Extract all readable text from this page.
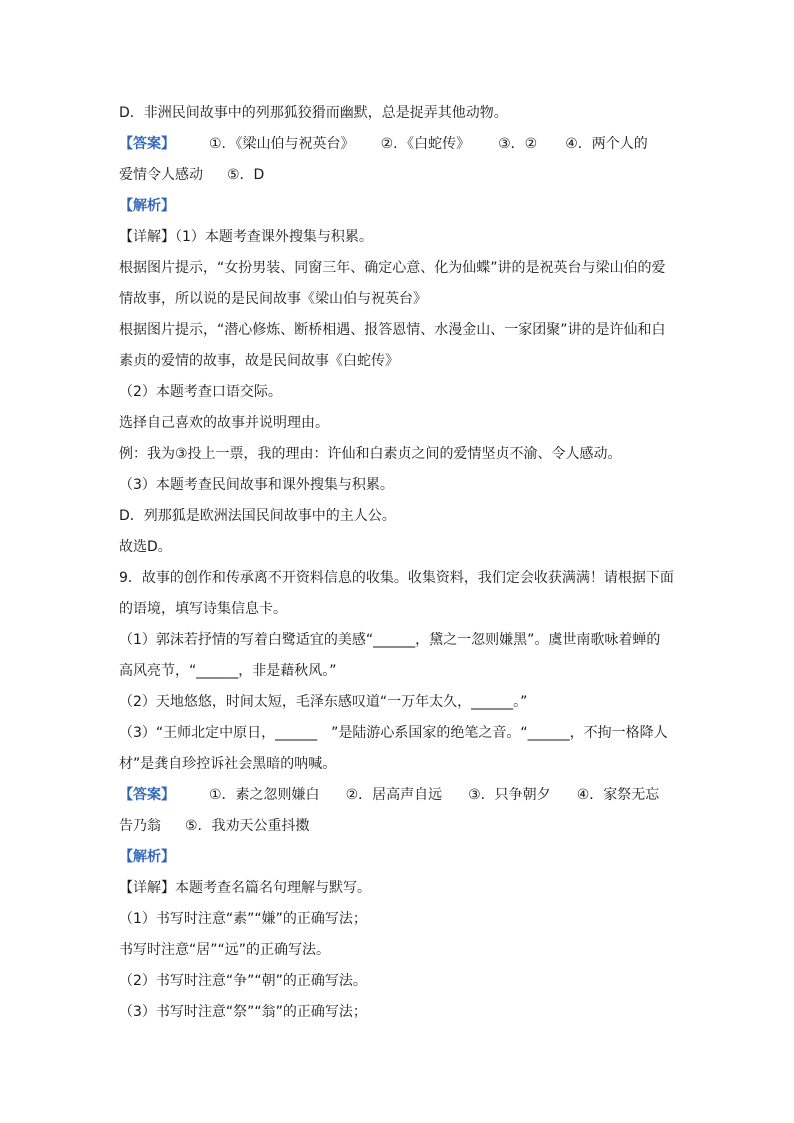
D．非洲民间故事中的列那狐狡猾而幽默，总是捉弄其他动物。
【答案】 ①．《梁山伯与祝英台》 ②．《白蛇传》 ③．② ④．两个人的
爱情令人感动 ⑤．D
【解析】
【详解】（1）本题考查课外搜集与积累。
根据图片提示，“女扮男装、同窗三年、确定心意、化为仙蝶”讲的是祝英台与梁山伯的爱
情故事，所以说的是民间故事《梁山伯与祝英台》
根据图片提示，“潜心修炼、断桥相遇、报答恩情、水漫金山、一家团聚”讲的是许仙和白
素贞的爱情的故事，故是民间故事《白蛇传》
（2）本题考查口语交际。
选择自己喜欢的故事并说明理由。
例：我为③投上一票，我的理由：许仙和白素贞之间的爱情坚贞不渝、令人感动。
（3）本题考查民间故事和课外搜集与积累。
D．列那狐是欧洲法国民间故事中的主人公。
故选D。
9．故事的创作和传承离不开资料信息的收集。收集资料，我们定会收获满满！请根据下面
的语境，填写诗集信息卡。
（1）郭沫若抒情的写着白鹭适宜的美感“______，黛之一忽则嫌黑”。虞世南歌咏着蝉的
高风亮节，“______，非是藉秋风。”
（2）天地悠悠，时间太短，毛泽东感叹道“一万年太久，______。”
（3）“王师北定中原日，______　”是陆游心系国家的绝笔之音。“______，不拘一格降人
材”是龚自珍控诉社会黑暗的呐喊。
【答案】 ①．素之忽则嫌白 ②．居高声自远 ③．只争朝夕 ④．家祭无忘
告乃翁 ⑤．我劝天公重抖擞
【解析】
【详解】本题考查名篇名句理解与默写。
（1）书写时注意“素”“嫌”的正确写法；
书写时注意“居”“远”的正确写法。
（2）书写时注意“争”“朝”的正确写法。
（3）书写时注意“祭”“翁”的正确写法；
